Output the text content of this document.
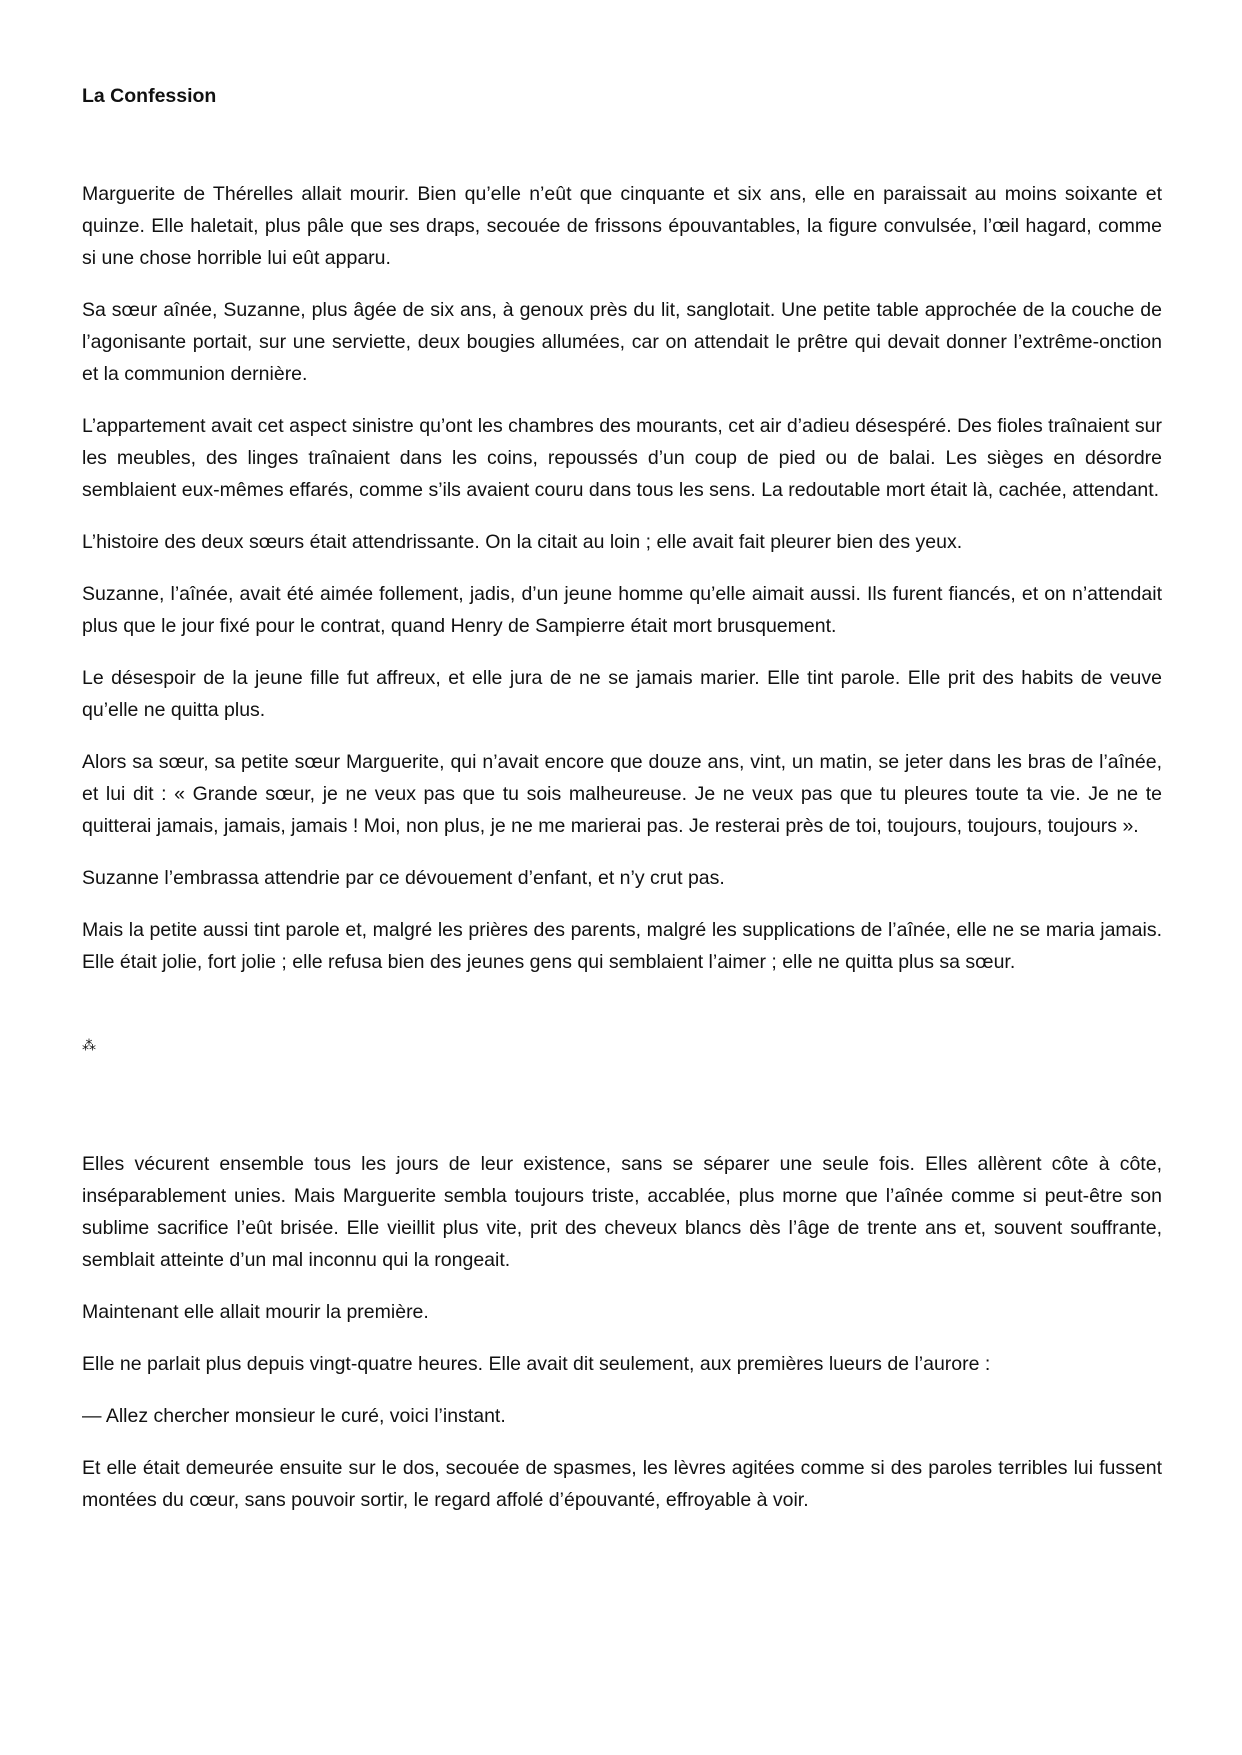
La Confession

Marguerite de Thérelles allait mourir. Bien qu’elle n’eût que cinquante et six ans, elle en paraissait au moins soixante et quinze. Elle haletait, plus pâle que ses draps, secouée de frissons épouvantables, la figure convulsée, l’œil hagard, comme si une chose horrible lui eût apparu.

Sa sœur aînée, Suzanne, plus âgée de six ans, à genoux près du lit, sanglotait. Une petite table approchée de la couche de l’agonisante portait, sur une serviette, deux bougies allumées, car on attendait le prêtre qui devait donner l’extrême-onction et la communion dernière.

L’appartement avait cet aspect sinistre qu’ont les chambres des mourants, cet air d’adieu désespéré. Des fioles traînaient sur les meubles, des linges traînaient dans les coins, repoussés d’un coup de pied ou de balai. Les sièges en désordre semblaient eux-mêmes effarés, comme s’ils avaient couru dans tous les sens. La redoutable mort était là, cachée, attendant.

L’histoire des deux sœurs était attendrissante. On la citait au loin ; elle avait fait pleurer bien des yeux.

Suzanne, l’aînée, avait été aimée follement, jadis, d’un jeune homme qu’elle aimait aussi. Ils furent fiancés, et on n’attendait plus que le jour fixé pour le contrat, quand Henry de Sampierre était mort brusquement.

Le désespoir de la jeune fille fut affreux, et elle jura de ne se jamais marier. Elle tint parole. Elle prit des habits de veuve qu’elle ne quitta plus.

Alors sa sœur, sa petite sœur Marguerite, qui n’avait encore que douze ans, vint, un matin, se jeter dans les bras de l’aînée, et lui dit : « Grande sœur, je ne veux pas que tu sois malheureuse. Je ne veux pas que tu pleures toute ta vie. Je ne te quitterai jamais, jamais, jamais ! Moi, non plus, je ne me marierai pas. Je resterai près de toi, toujours, toujours, toujours ».

Suzanne l’embrassa attendrie par ce dévouement d’enfant, et n’y crut pas.

Mais la petite aussi tint parole et, malgré les prières des parents, malgré les supplications de l’aînée, elle ne se maria jamais. Elle était jolie, fort jolie ; elle refusa bien des jeunes gens qui semblaient l’aimer ; elle ne quitta plus sa sœur.

⁂

Elles vécurent ensemble tous les jours de leur existence, sans se séparer une seule fois. Elles allèrent côte à côte, inséparablement unies. Mais Marguerite sembla toujours triste, accablée, plus morne que l’aînée comme si peut-être son sublime sacrifice l’eût brisée. Elle vieillit plus vite, prit des cheveux blancs dès l’âge de trente ans et, souvent souffrante, semblait atteinte d’un mal inconnu qui la rongeait.

Maintenant elle allait mourir la première.

Elle ne parlait plus depuis vingt-quatre heures. Elle avait dit seulement, aux premières lueurs de l’aurore :

— Allez chercher monsieur le curé, voici l’instant.

Et elle était demeurée ensuite sur le dos, secouée de spasmes, les lèvres agitées comme si des paroles terribles lui fussent montées du cœur, sans pouvoir sortir, le regard affolé d’épouvanté, effroyable à voir.
